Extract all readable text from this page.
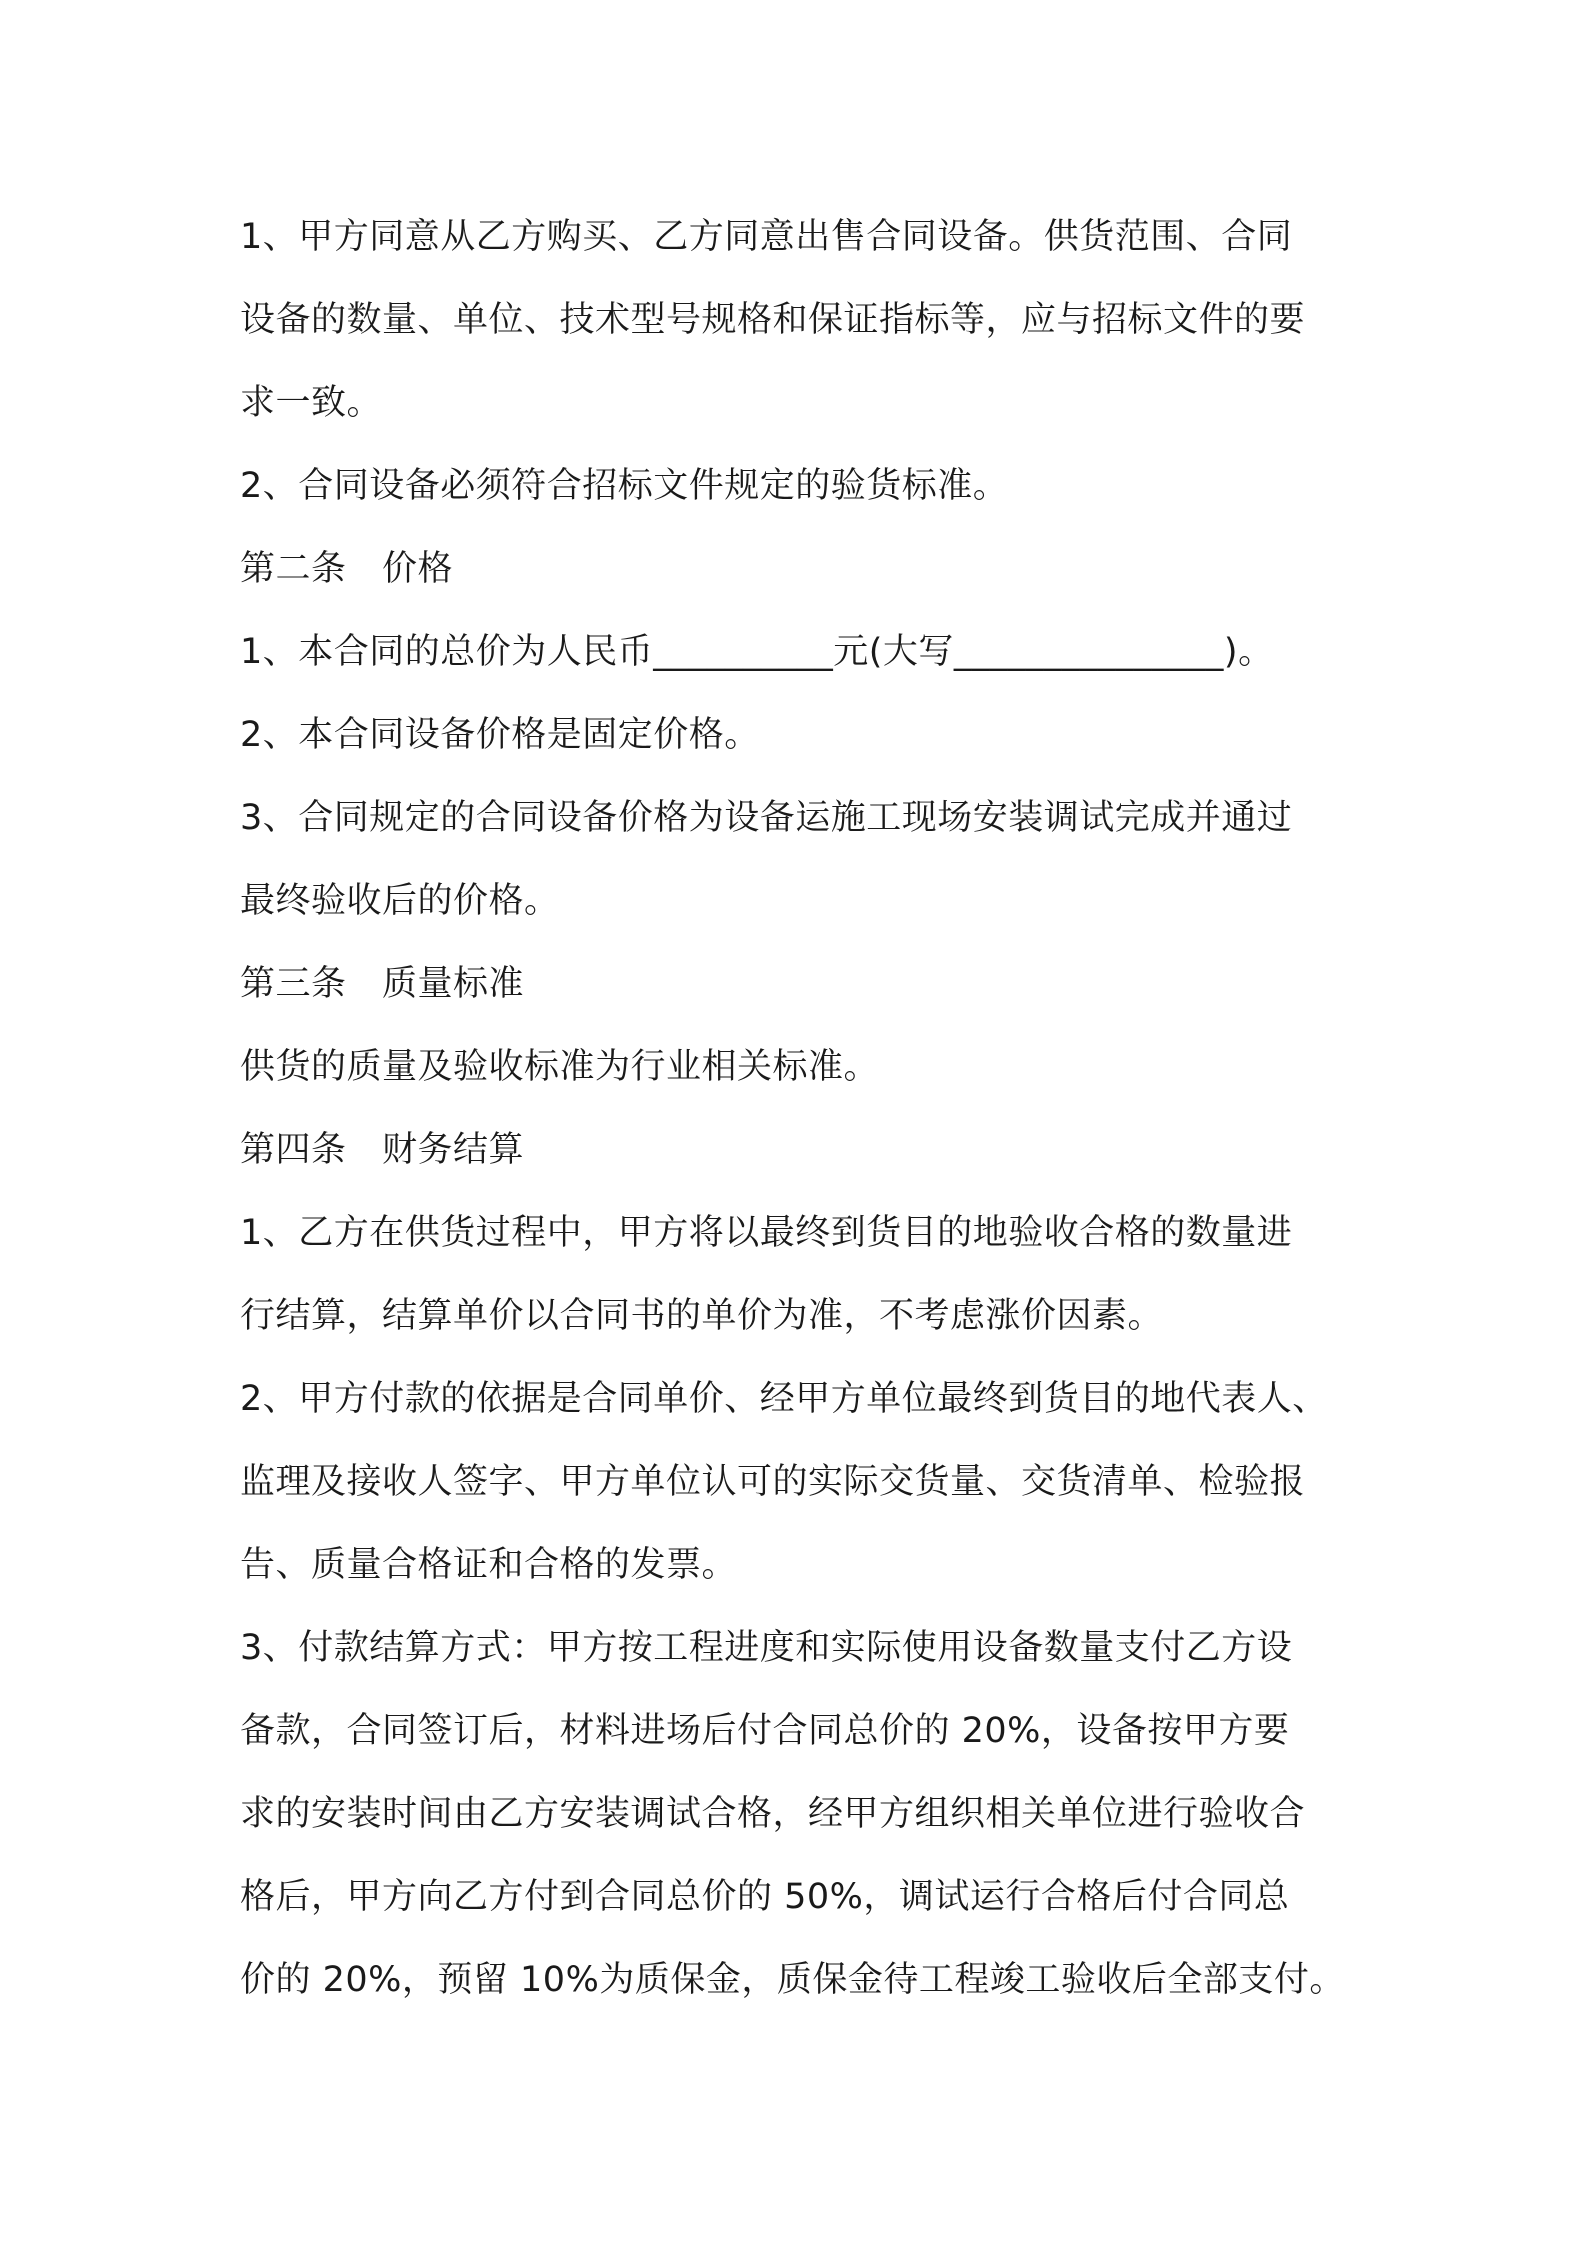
1、甲方同意从乙方购买、乙方同意出售合同设备。供货范围、合同
设备的数量、单位、技术型号规格和保证指标等，应与招标文件的要
求一致。
2、合同设备必须符合招标文件规定的验货标准。
第二条　价格
1、本合同的总价为人民币__________元(大写_______________)。
2、本合同设备价格是固定价格。
3、合同规定的合同设备价格为设备运施工现场安装调试完成并通过
最终验收后的价格。
第三条　质量标准
供货的质量及验收标准为行业相关标准。
第四条　财务结算
1、乙方在供货过程中，甲方将以最终到货目的地验收合格的数量进
行结算，结算单价以合同书的单价为准，不考虑涨价因素。
2、甲方付款的依据是合同单价、经甲方单位最终到货目的地代表人、
监理及接收人签字、甲方单位认可的实际交货量、交货清单、检验报
告、质量合格证和合格的发票。
3、付款结算方式：甲方按工程进度和实际使用设备数量支付乙方设
备款，合同签订后，材料进场后付合同总价的 20%，设备按甲方要
求的安装时间由乙方安装调试合格，经甲方组织相关单位进行验收合
格后，甲方向乙方付到合同总价的 50%，调试运行合格后付合同总
价的 20%，预留 10%为质保金，质保金待工程竣工验收后全部支付。
